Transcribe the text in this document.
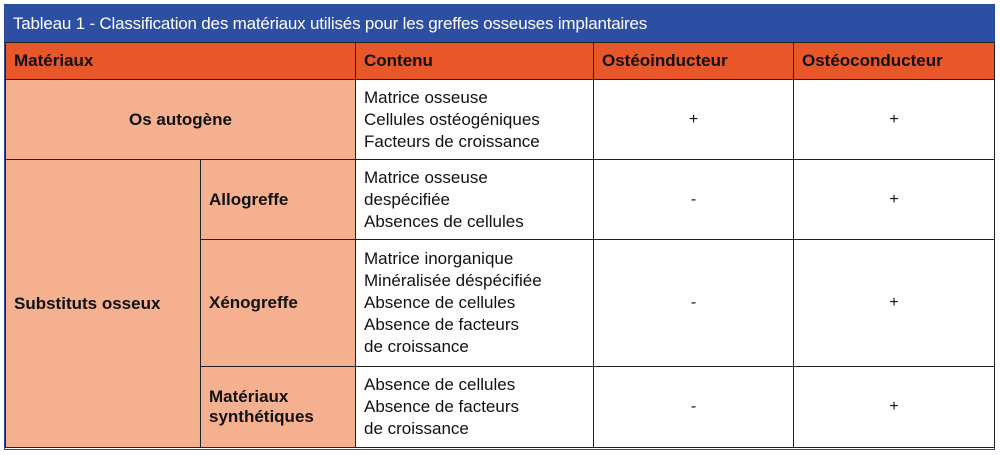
Tableau 1 - Classification des matériaux utilisés pour les greffes osseuses implantaires
Matériaux		Contenu	Ostéoinducteur	Ostéoconducteur
Os autogène		Matrice osseuse
Cellules ostéogéniques
Facteurs de croissance	+	+
Substituts osseux	Allogreffe	Matrice osseuse
despécifiée
Absences de cellules	-	+
	Xénogreffe	Matrice inorganique
Minéralisée déspécifiée
Absence de cellules
Absence de facteurs
de croissance	-	+

	Matériaux
synthétiques	Absence de cellules
Absence de facteurs
de croissance	-	+
